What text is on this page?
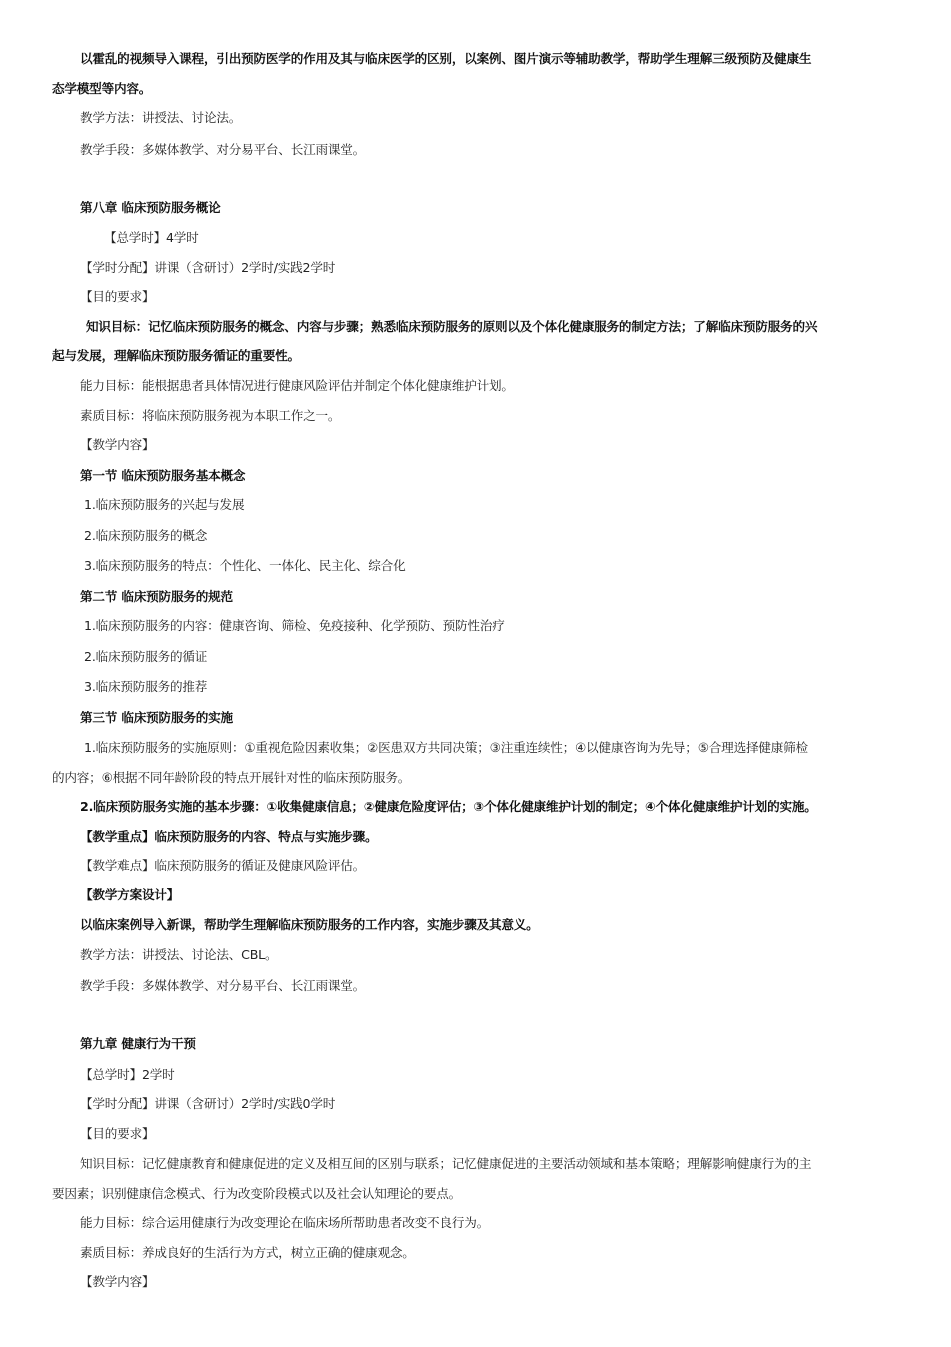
以霍乱的视频导入课程，引出预防医学的作用及其与临床医学的区别，以案例、图片演示等辅助教学，帮助学生理解三级预防及健康生
态学模型等内容。
教学方法：讲授法、讨论法。
教学手段：多媒体教学、对分易平台、长江雨课堂。
第八章 临床预防服务概论
【总学时】4学时
【学时分配】讲课（含研讨）2学时/实践2学时
【目的要求】
知识目标：记忆临床预防服务的概念、内容与步骤；熟悉临床预防服务的原则以及个体化健康服务的制定方法；了解临床预防服务的兴
起与发展，理解临床预防服务循证的重要性。
能力目标：能根据患者具体情况进行健康风险评估并制定个体化健康维护计划。
素质目标：将临床预防服务视为本职工作之一。
【教学内容】
第一节 临床预防服务基本概念
1.临床预防服务的兴起与发展
2.临床预防服务的概念
3.临床预防服务的特点：个性化、一体化、民主化、综合化
第二节 临床预防服务的规范
1.临床预防服务的内容：健康咨询、筛检、免疫接种、化学预防、预防性治疗
2.临床预防服务的循证
3.临床预防服务的推荐
第三节 临床预防服务的实施
1.临床预防服务的实施原则：①重视危险因素收集；②医患双方共同决策；③注重连续性；④以健康咨询为先导；⑤合理选择健康筛检
的内容；⑥根据不同年龄阶段的特点开展针对性的临床预防服务。
2.临床预防服务实施的基本步骤：①收集健康信息；②健康危险度评估；③个体化健康维护计划的制定；④个体化健康维护计划的实施。
【教学重点】临床预防服务的内容、特点与实施步骤。
【教学难点】临床预防服务的循证及健康风险评估。
【教学方案设计】
以临床案例导入新课，帮助学生理解临床预防服务的工作内容，实施步骤及其意义。
教学方法：讲授法、讨论法、CBL。
教学手段：多媒体教学、对分易平台、长江雨课堂。
第九章 健康行为干预
【总学时】2学时
【学时分配】讲课（含研讨）2学时/实践0学时
【目的要求】
知识目标：记忆健康教育和健康促进的定义及相互间的区别与联系；记忆健康促进的主要活动领域和基本策略；理解影响健康行为的主
要因素；识别健康信念模式、行为改变阶段模式以及社会认知理论的要点。
能力目标：综合运用健康行为改变理论在临床场所帮助患者改变不良行为。
素质目标：养成良好的生活行为方式，树立正确的健康观念。
【教学内容】
